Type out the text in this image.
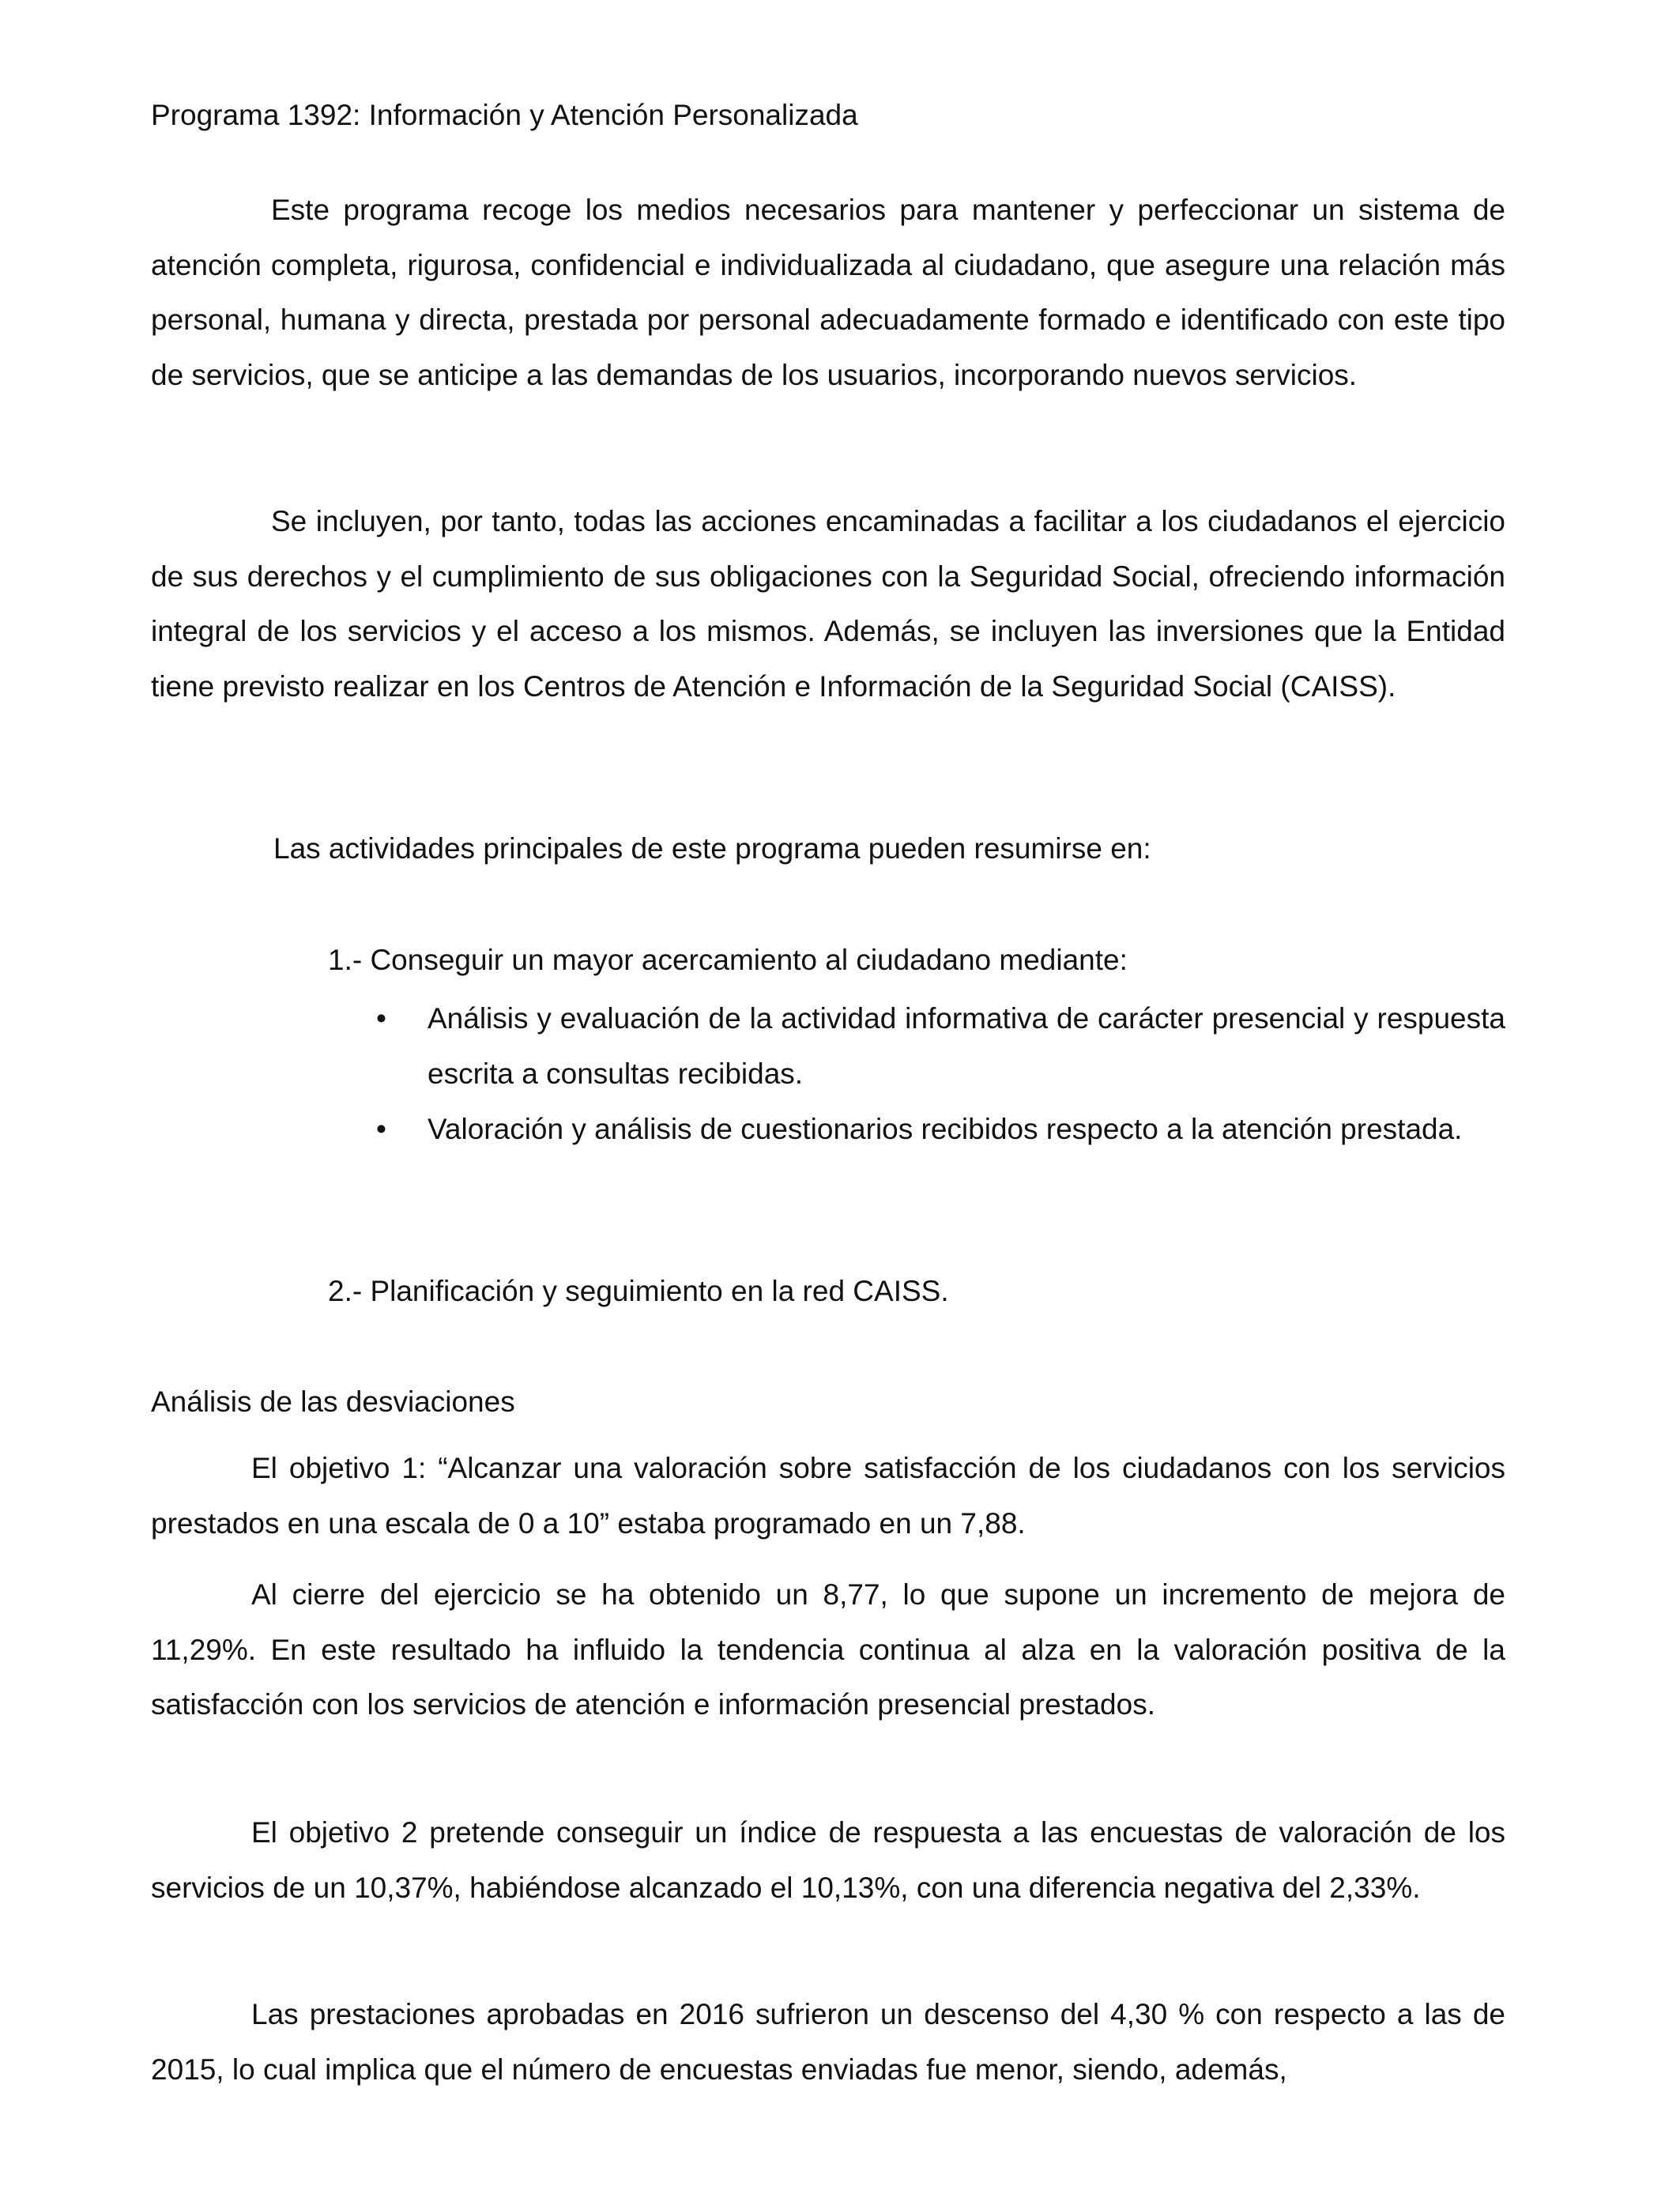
Programa 1392: Información y Atención Personalizada

Este programa recoge los medios necesarios para mantener y perfeccionar un sistema de atención completa, rigurosa, confidencial e individualizada al ciudadano, que asegure una relación más personal, humana y directa, prestada por personal adecuadamente formado e identificado con este tipo de servicios, que se anticipe a las demandas de los usuarios, incorporando nuevos servicios.

Se incluyen, por tanto, todas las acciones encaminadas a facilitar a los ciudadanos el ejercicio de sus derechos y el cumplimiento de sus obligaciones con la Seguridad Social, ofreciendo información integral de los servicios y el acceso a los mismos. Además, se incluyen las inversiones que la Entidad tiene previsto realizar en los Centros de Atención e Información de la Seguridad Social (CAISS).

Las actividades principales de este programa pueden resumirse en:
1.- Conseguir un mayor acercamiento al ciudadano mediante:
• Análisis y evaluación de la actividad informativa de carácter presencial y respuesta escrita a consultas recibidas.

• Valoración y análisis de cuestionarios recibidos respecto a la atención prestada.

2.- Planificación y seguimiento en la red CAISS.
Análisis de las desviaciones

El objetivo 1: “Alcanzar una valoración sobre satisfacción de los ciudadanos con los servicios prestados en una escala de 0 a 10” estaba programado en un 7,88.

Al cierre del ejercicio se ha obtenido un 8,77, lo que supone un incremento de mejora de 11,29%. En este resultado ha influido la tendencia continua al alza en la valoración positiva de la satisfacción con los servicios de atención e información presencial prestados.

El objetivo 2 pretende conseguir un índice de respuesta a las encuestas de valoración de los servicios de un 10,37%, habiéndose alcanzado el 10,13%, con una diferencia negativa del 2,33%.

Las prestaciones aprobadas en 2016 sufrieron un descenso del 4,30 % con respecto a las de 2015, lo cual implica que el número de encuestas enviadas fue menor, siendo, además,
